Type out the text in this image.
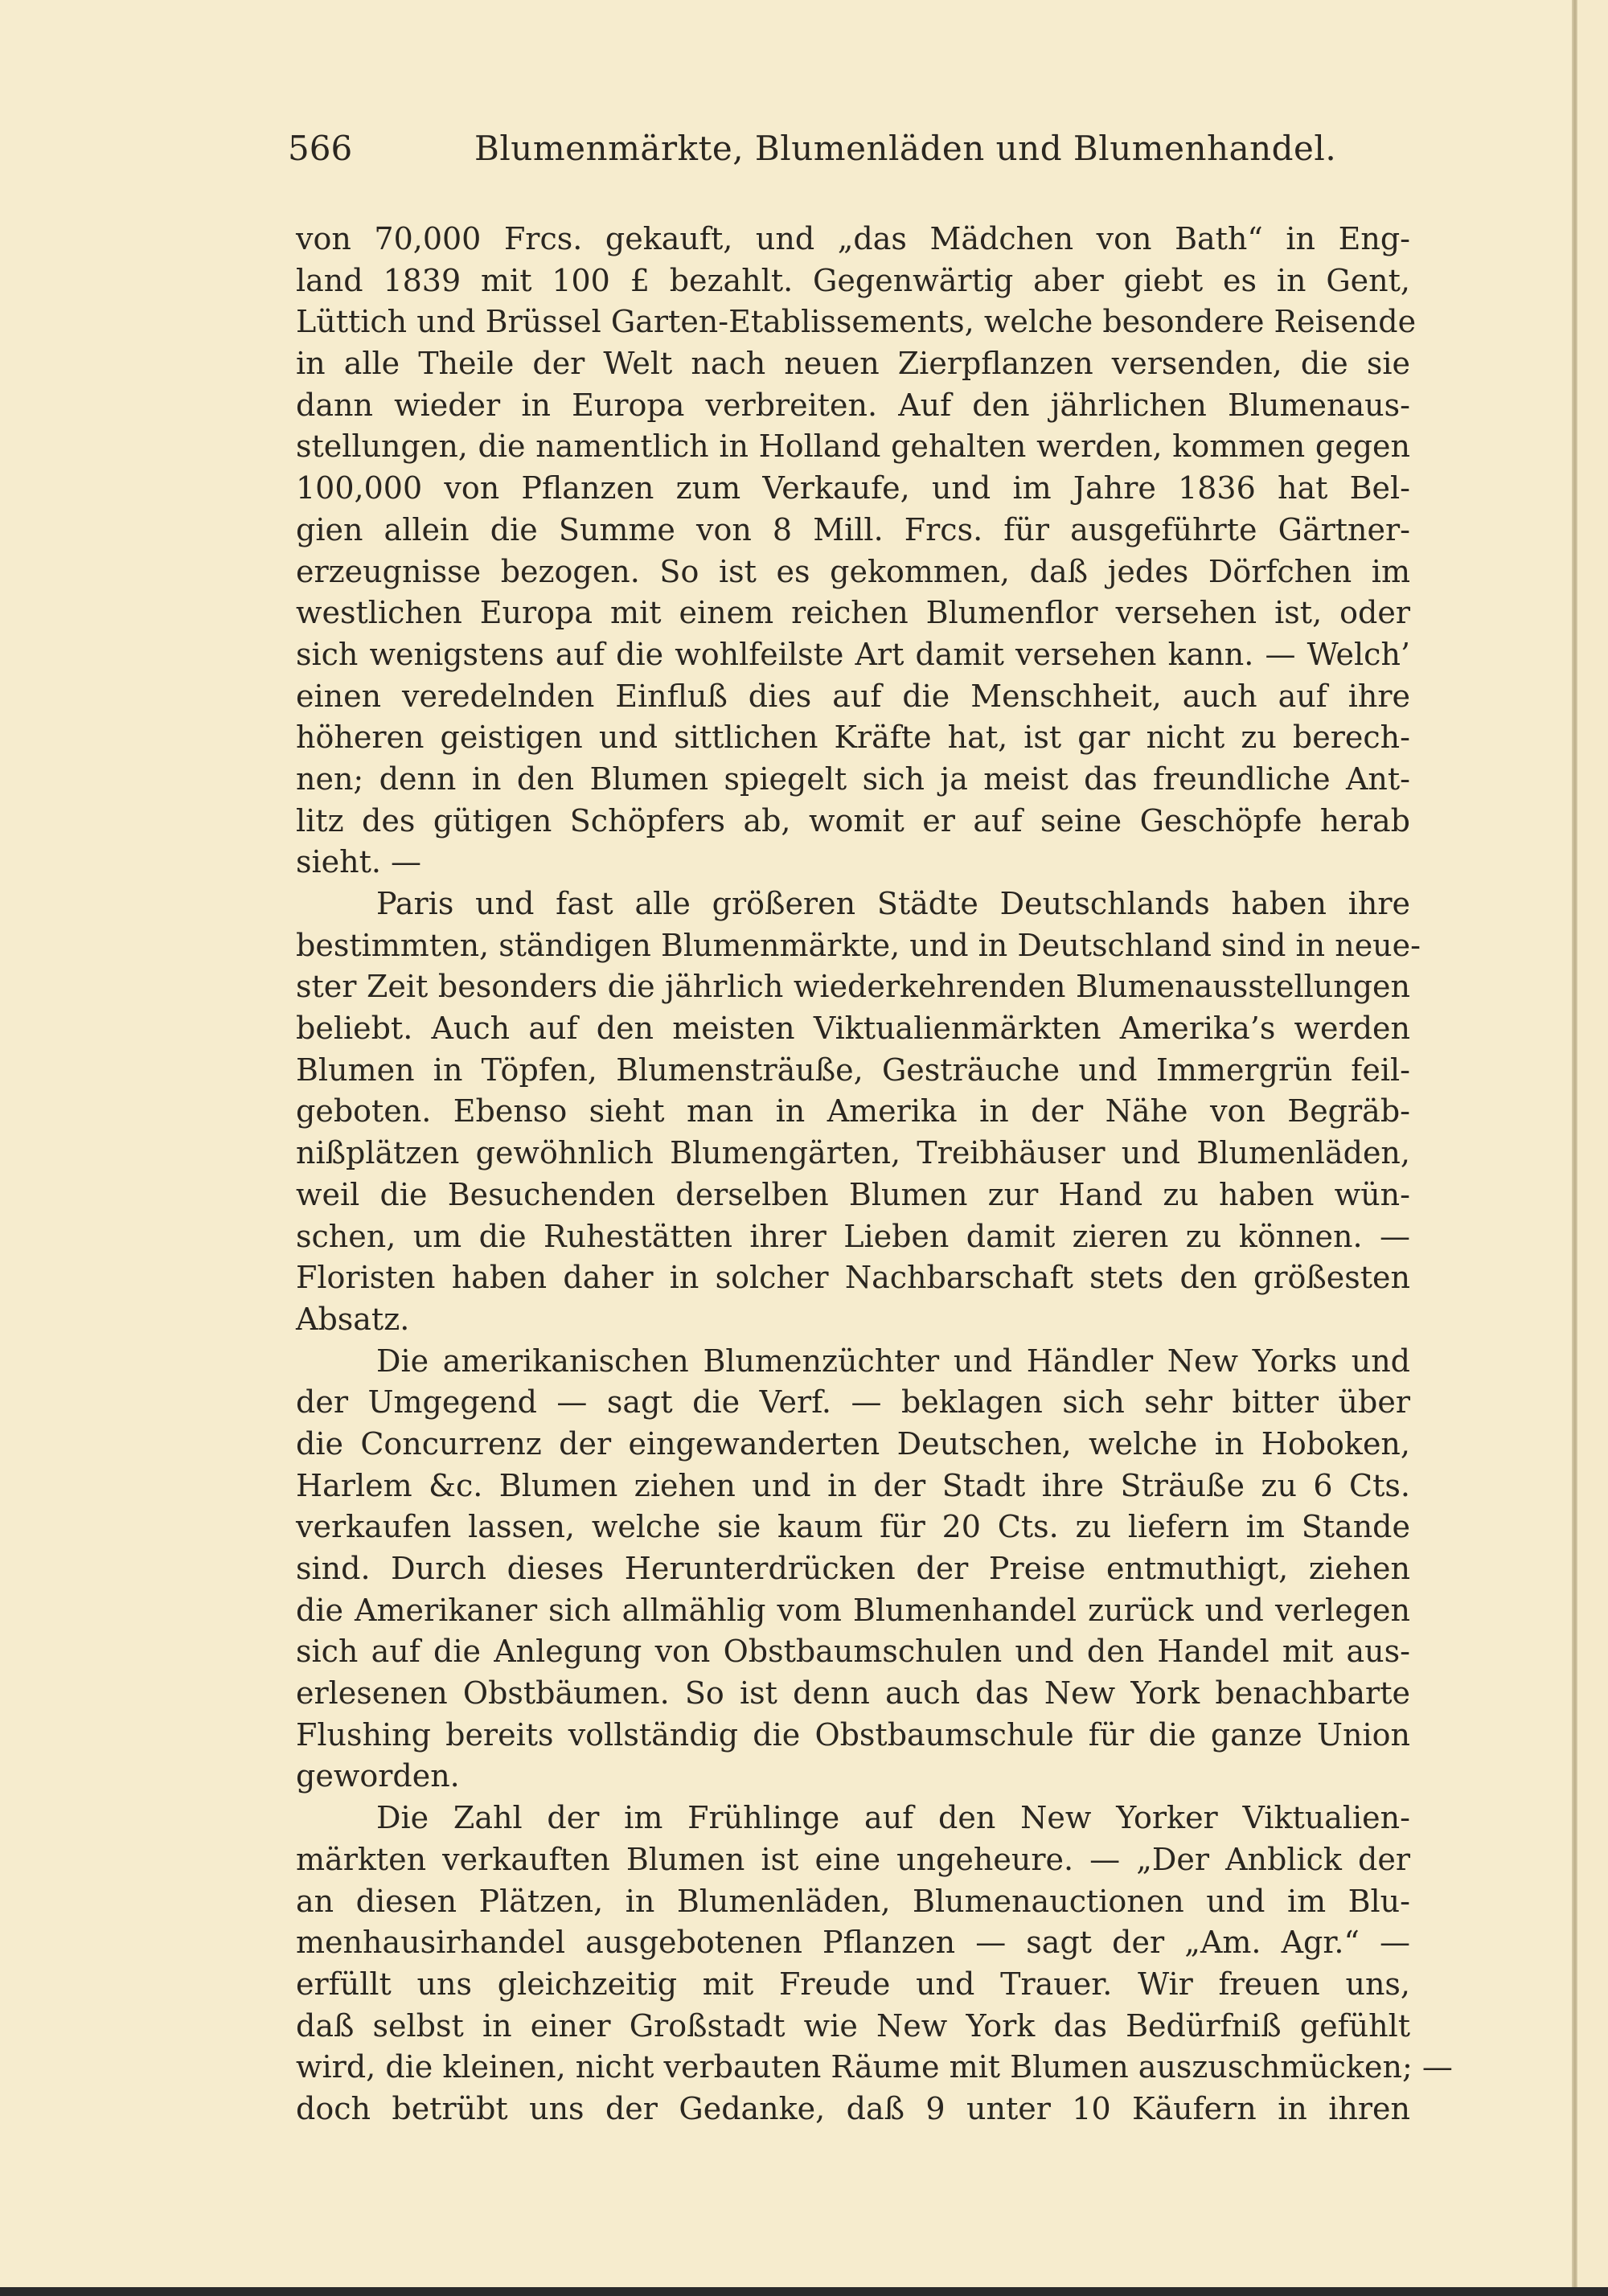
566	Blumenmärkte, Blumenläden und Blumenhandel.
von 70,000 Frcs. gekauft, und „das Mädchen von Bath“ in Eng-
land 1839 mit 100 £ bezahlt. Gegenwärtig aber giebt es in Gent,
Lüttich und Brüssel Garten-Etablissements, welche besondere Reisende
in alle Theile der Welt nach neuen Zierpflanzen versenden, die sie
dann wieder in Europa verbreiten. Auf den jährlichen Blumenaus-
stellungen, die namentlich in Holland gehalten werden, kommen gegen
100,000 von Pflanzen zum Verkaufe, und im Jahre 1836 hat Bel-
gien allein die Summe von 8 Mill. Frcs. für ausgeführte Gärtner-
erzeugnisse bezogen. So ist es gekommen, daß jedes Dörfchen im
westlichen Europa mit einem reichen Blumenflor versehen ist, oder
sich wenigstens auf die wohlfeilste Art damit versehen kann. — Welch’
einen veredelnden Einfluß dies auf die Menschheit, auch auf ihre
höheren geistigen und sittlichen Kräfte hat, ist gar nicht zu berech-
nen; denn in den Blumen spiegelt sich ja meist das freundliche Ant-
litz des gütigen Schöpfers ab, womit er auf seine Geschöpfe herab
sieht. —
Paris und fast alle größeren Städte Deutschlands haben ihre
bestimmten, ständigen Blumenmärkte, und in Deutschland sind in neue-
ster Zeit besonders die jährlich wiederkehrenden Blumenausstellungen
beliebt. Auch auf den meisten Viktualienmärkten Amerika’s werden
Blumen in Töpfen, Blumensträuße, Gesträuche und Immergrün feil-
geboten. Ebenso sieht man in Amerika in der Nähe von Begräb-
nißplätzen gewöhnlich Blumengärten, Treibhäuser und Blumenläden,
weil die Besuchenden derselben Blumen zur Hand zu haben wün-
schen, um die Ruhestätten ihrer Lieben damit zieren zu können. —
Floristen haben daher in solcher Nachbarschaft stets den größesten
Absatz.
Die amerikanischen Blumenzüchter und Händler New Yorks und
der Umgegend — sagt die Verf. — beklagen sich sehr bitter über
die Concurrenz der eingewanderten Deutschen, welche in Hoboken,
Harlem &c. Blumen ziehen und in der Stadt ihre Sträuße zu 6 Cts.
verkaufen lassen, welche sie kaum für 20 Cts. zu liefern im Stande
sind. Durch dieses Herunterdrücken der Preise entmuthigt, ziehen
die Amerikaner sich allmählig vom Blumenhandel zurück und verlegen
sich auf die Anlegung von Obstbaumschulen und den Handel mit aus-
erlesenen Obstbäumen. So ist denn auch das New York benachbarte
Flushing bereits vollständig die Obstbaumschule für die ganze Union
geworden.
Die Zahl der im Frühlinge auf den New Yorker Viktualien-
märkten verkauften Blumen ist eine ungeheure. — „Der Anblick der
an diesen Plätzen, in Blumenläden, Blumenauctionen und im Blu-
menhausirhandel ausgebotenen Pflanzen — sagt der „Am. Agr.“ —
erfüllt uns gleichzeitig mit Freude und Trauer. Wir freuen uns,
daß selbst in einer Großstadt wie New York das Bedürfniß gefühlt
wird, die kleinen, nicht verbauten Räume mit Blumen auszuschmücken; —
doch betrübt uns der Gedanke, daß 9 unter 10 Käufern in ihren
